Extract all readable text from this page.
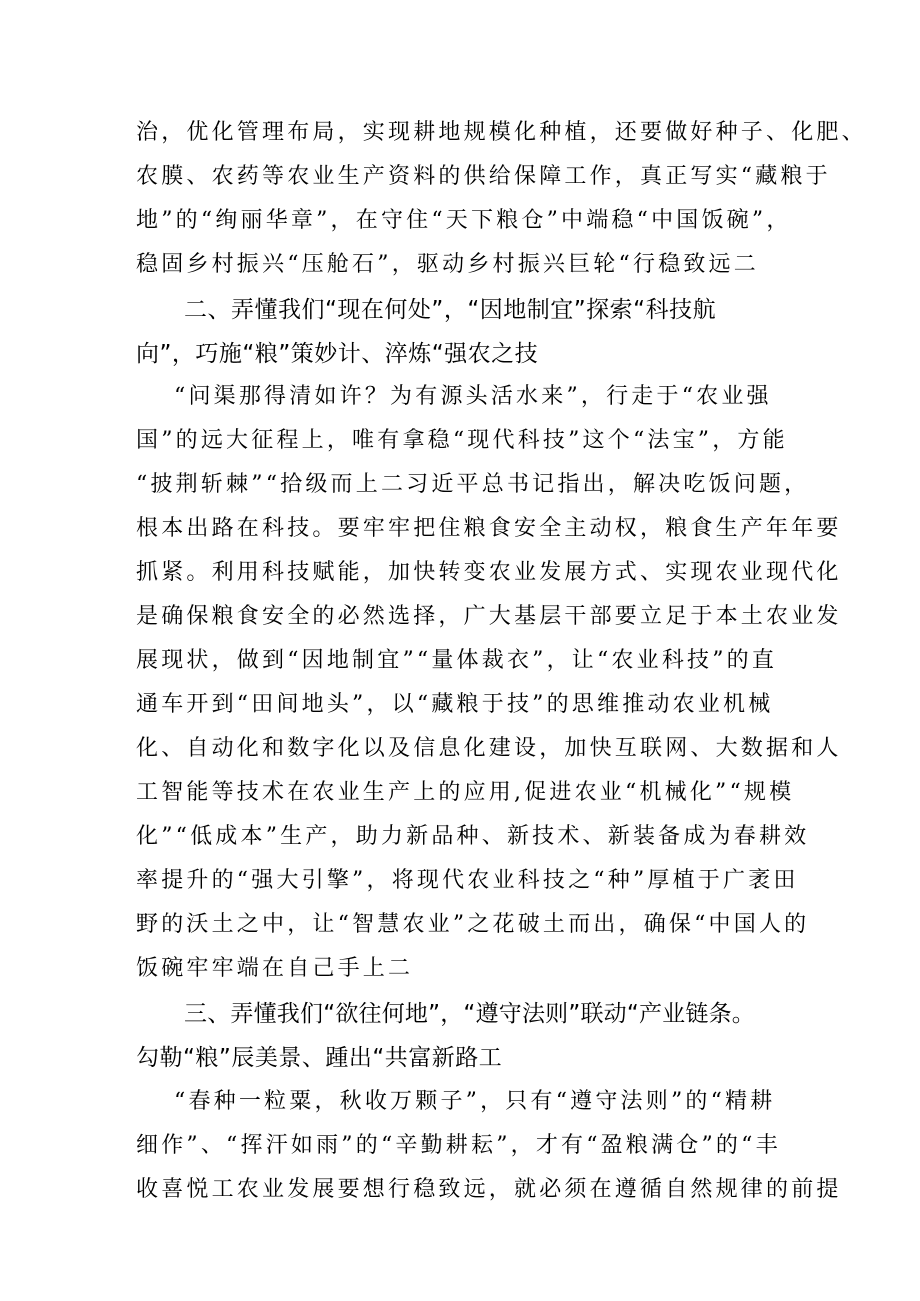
治，优化管理布局，实现耕地规模化种植，还要做好种子、化肥、

农膜、农药等农业生产资料的供给保障工作，真正写实“藏粮于

地”的“绚丽华章”，在守住“天下粮仓”中端稳“中国饭碗”，

稳固乡村振兴“压舱石”，驱动乡村振兴巨轮“行稳致远二

二、弄懂我们“现在何处”，“因地制宜”探索“科技航

向”，巧施“粮”策妙计、淬炼“强农之技

“问渠那得清如许？为有源头活水来”，行走于“农业强

国”的远大征程上，唯有拿稳“现代科技”这个“法宝”，方能

“披荆斩棘”“拾级而上二习近平总书记指出，解决吃饭问题，

根本出路在科技。要牢牢把住粮食安全主动权，粮食生产年年要

抓紧。利用科技赋能，加快转变农业发展方式、实现农业现代化

是确保粮食安全的必然选择，广大基层干部要立足于本土农业发

展现状，做到“因地制宜”“量体裁衣”，让“农业科技”的直

通车开到“田间地头”，以“藏粮于技”的思维推动农业机械

化、自动化和数字化以及信息化建设，加快互联网、大数据和人

工智能等技术在农业生产上的应用,促进农业“机械化”“规模

化”“低成本”生产，助力新品种、新技术、新装备成为春耕效

率提升的“强大引擎”，将现代农业科技之“种”厚植于广袤田

野的沃土之中，让“智慧农业”之花破土而出，确保“中国人的

饭碗牢牢端在自己手上二

三、弄懂我们“欲往何地”，“遵守法则”联动“产业链条。

勾勒“粮”辰美景、踵出“共富新路工

“春种一粒粟，秋收万颗子”，只有“遵守法则”的“精耕

细作”、“挥汗如雨”的“辛勤耕耘”，才有“盈粮满仓”的“丰

收喜悦工农业发展要想行稳致远，就必须在遵循自然规律的前提
